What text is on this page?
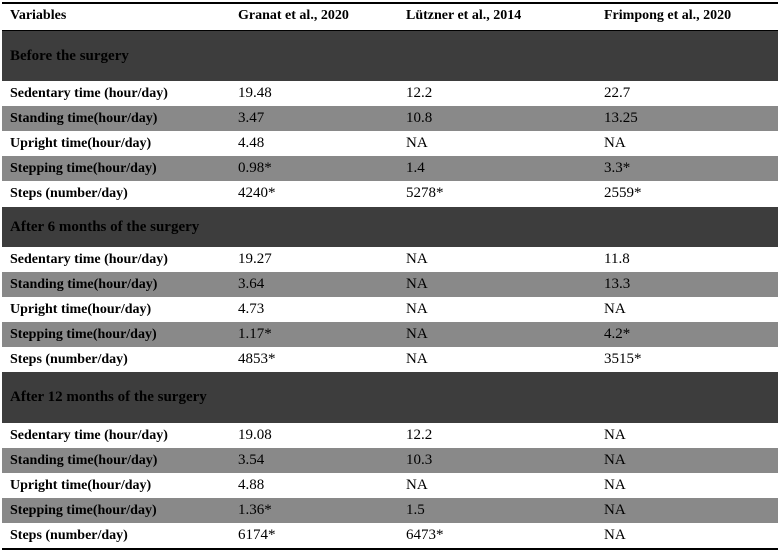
Variables	Granat et al., 2020	Lützner et al., 2014	Frimpong et al., 2020
Before the surgery
Sedentary time (hour/day)	19.48	12.2	22.7
Standing time(hour/day)	3.47	10.8	13.25
Upright time(hour/day)	4.48	NA	NA
Stepping time(hour/day)	0.98*	1.4	3.3*
Steps (number/day)	4240*	5278*	2559*
After 6 months of the surgery
Sedentary time (hour/day)	19.27	NA	11.8
Standing time(hour/day)	3.64	NA	13.3
Upright time(hour/day)	4.73	NA	NA
Stepping time(hour/day)	1.17*	NA	4.2*
Steps (number/day)	4853*	NA	3515*
After 12 months of the surgery
Sedentary time (hour/day)	19.08	12.2	NA
Standing time(hour/day)	3.54	10.3	NA
Upright time(hour/day)	4.88	NA	NA
Stepping time(hour/day)	1.36*	1.5	NA
Steps (number/day)	6174*	6473*	NA
